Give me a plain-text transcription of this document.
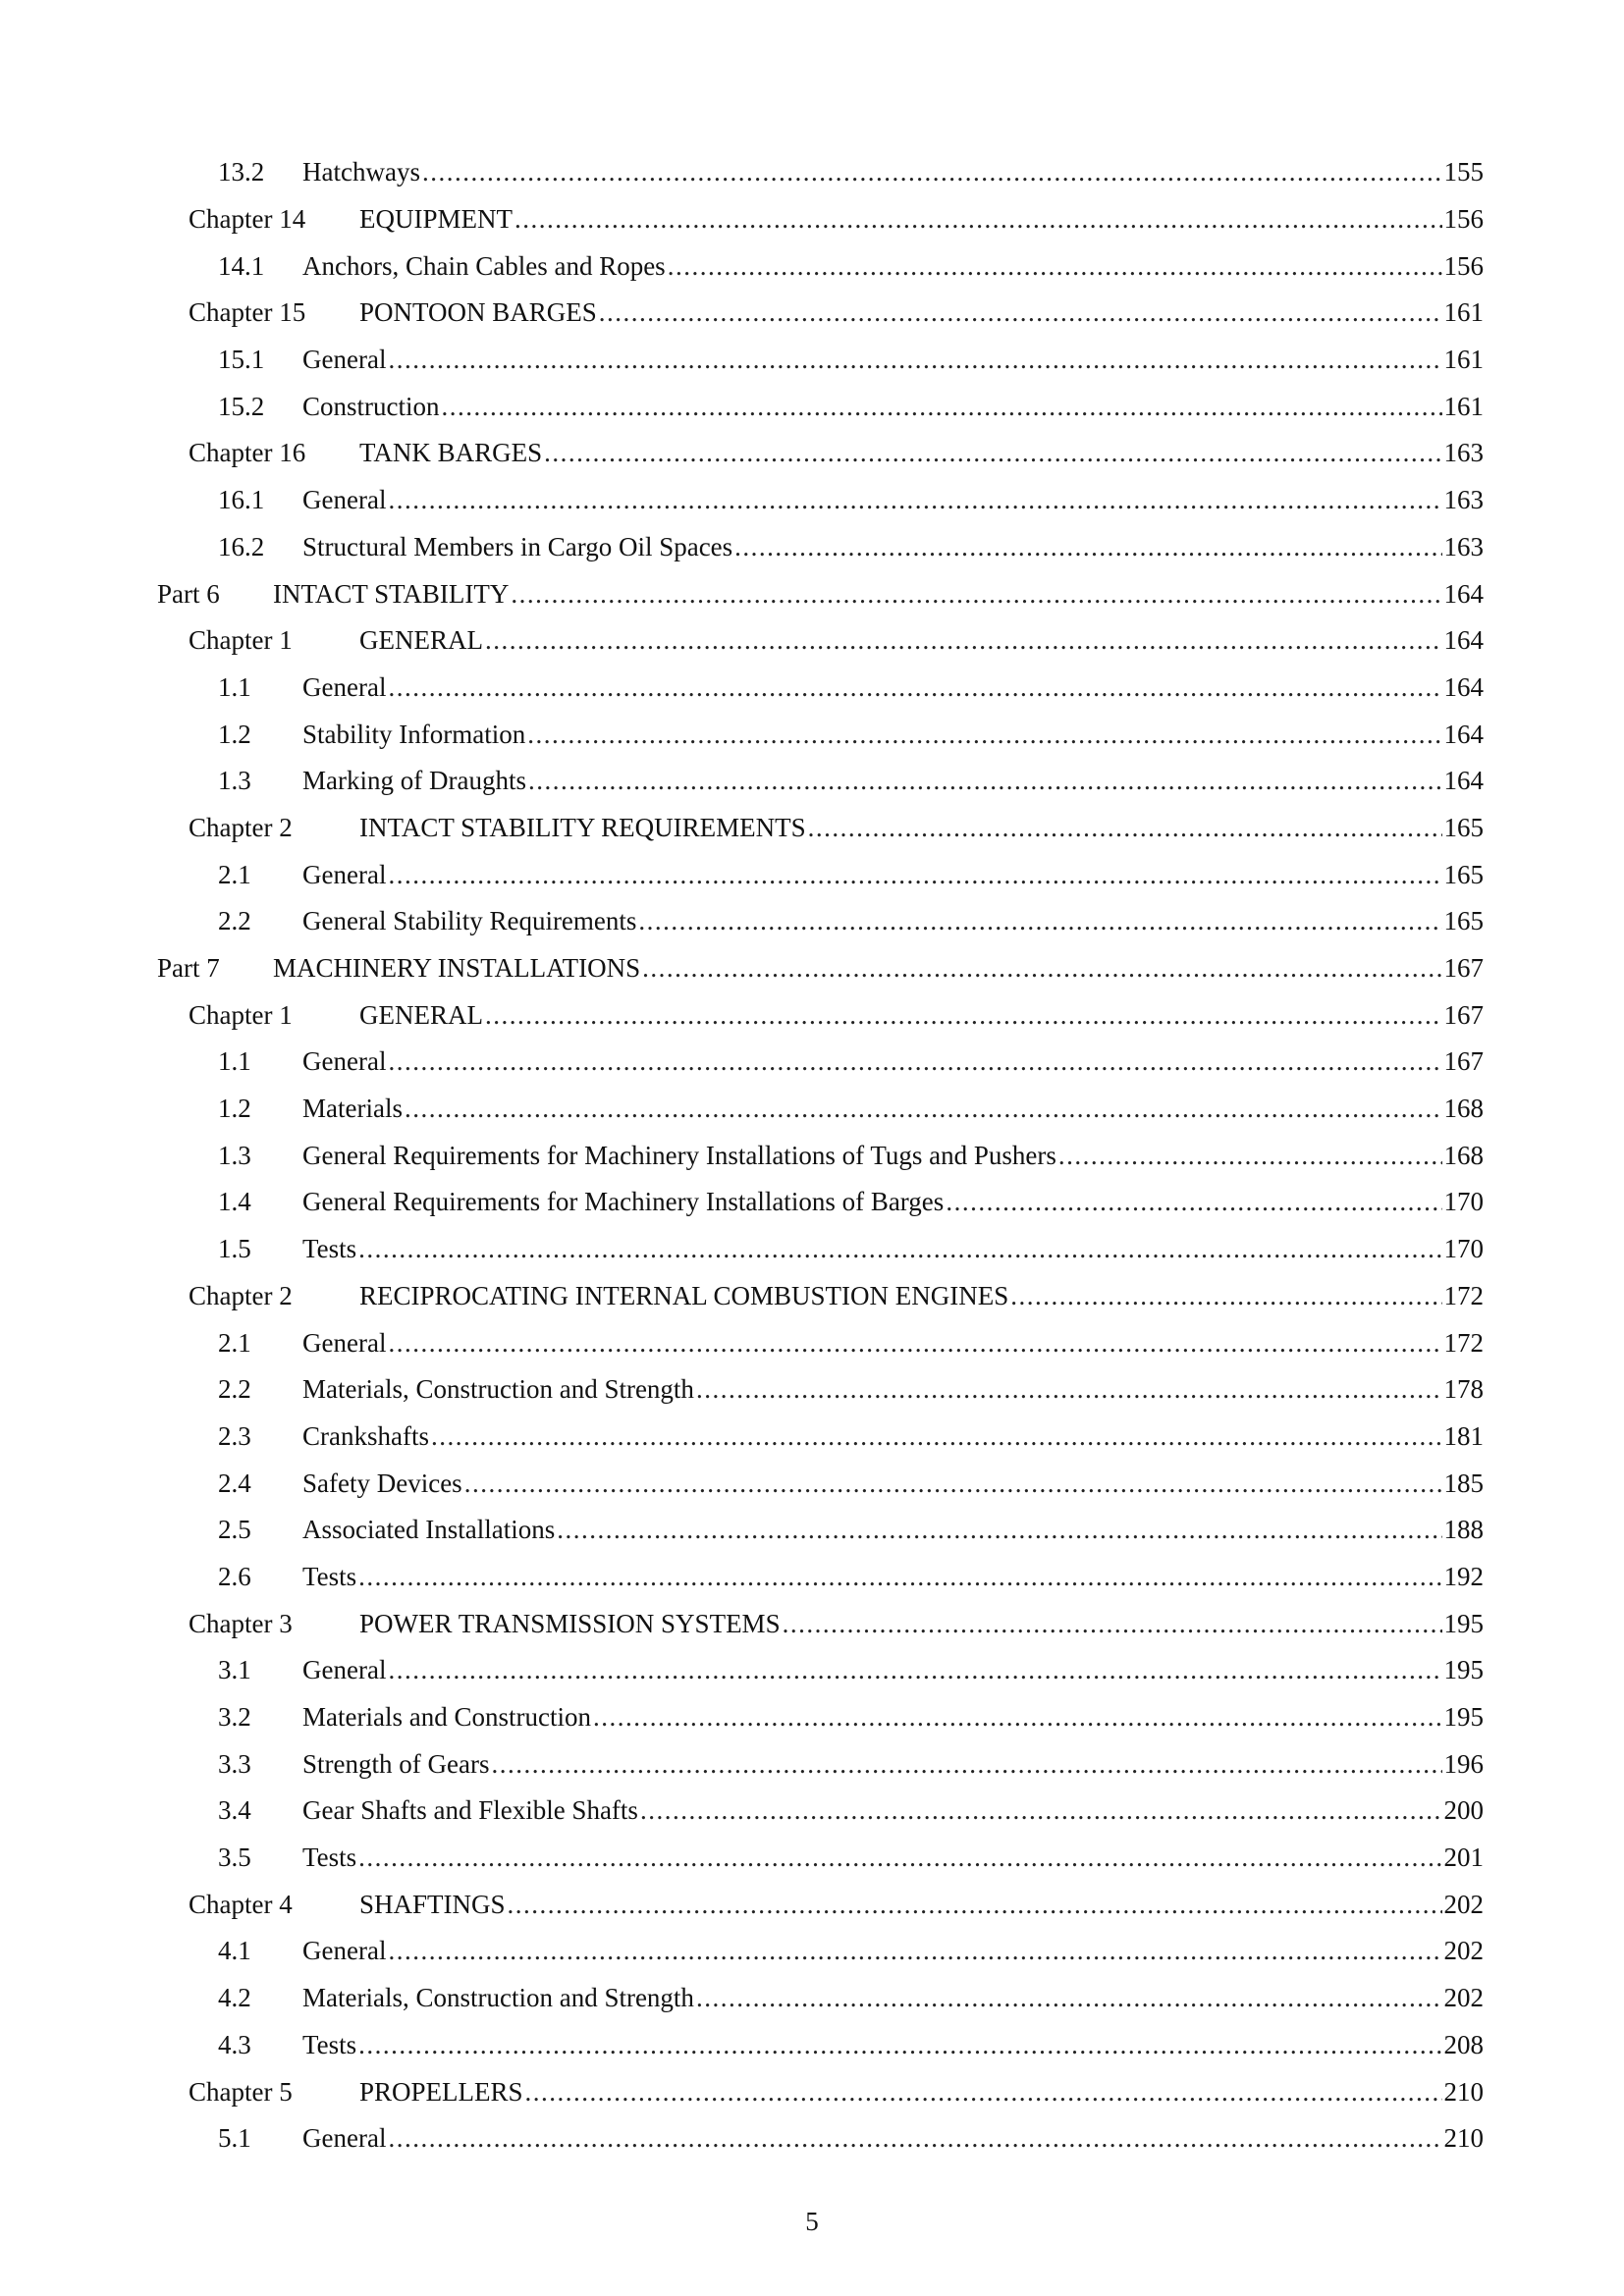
13.2 Hatchways .....	155
Chapter 14 EQUIPMENT .....	156
14.1 Anchors, Chain Cables and Ropes .....	156
Chapter 15 PONTOON BARGES .....	161
15.1 General .....	161
15.2 Construction .....	161
Chapter 16 TANK BARGES .....	163
16.1 General .....	163
16.2 Structural Members in Cargo Oil Spaces .....	163
Part 6 INTACT STABILITY .....	164
Chapter 1	GENERAL .....	164
1.1 General .....	164
1.2 Stability Information .....	164
1.3 Marking of Draughts .....	164
Chapter 2	INTACT STABILITY REQUIREMENTS .....	165
2.1 General .....	165
2.2 General Stability Requirements .....	165
Part 7 MACHINERY INSTALLATIONS .....	167
Chapter 1	GENERAL .....	167
1.1 General .....	167
1.2 Materials .....	168
1.3 General Requirements for Machinery Installations of Tugs and Pushers .....	168
1.4 General Requirements for Machinery Installations of Barges .....	170
1.5 Tests .....	170
Chapter 2	RECIPROCATING INTERNAL COMBUSTION ENGINES .....	172
2.1 General .....	172
2.2 Materials, Construction and Strength .....	178
2.3 Crankshafts .....	181
2.4 Safety Devices .....	185
2.5 Associated Installations .....	188
2.6 Tests .....	192
Chapter 3	POWER TRANSMISSION SYSTEMS .....	195
3.1 General .....	195
3.2 Materials and Construction .....	195
3.3 Strength of Gears .....	196
3.4 Gear Shafts and Flexible Shafts .....	200
3.5 Tests .....	201
Chapter 4	SHAFTINGS .....	202
4.1 General .....	202
4.2 Materials, Construction and Strength .....	202
4.3 Tests .....	208
Chapter 5	PROPELLERS .....	210
5.1 General .....	210
5
